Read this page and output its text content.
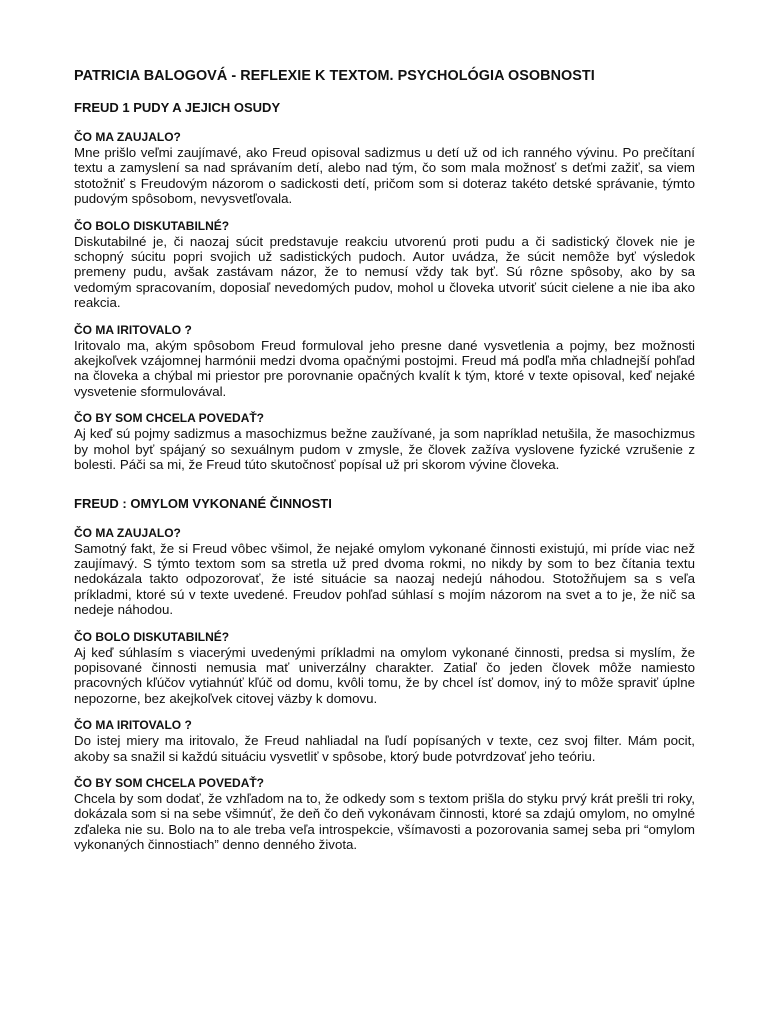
PATRICIA BALOGOVÁ - REFLEXIE K TEXTOM. PSYCHOLÓGIA OSOBNOSTI
FREUD 1 PUDY A JEJICH OSUDY

ČO MA ZAUJALO?

Mne prišlo veľmi zaujímavé, ako Freud opisoval sadizmus u detí už od ich ranného vývinu. Po prečítaní textu a zamyslení sa nad správaním detí, alebo nad tým, čo som mala možnosť s deťmi zažiť, sa viem stotožniť s Freudovým názorom o sadickosti detí, pričom som si doteraz takéto detské správanie, týmto pudovým spôsobom, nevysvetľovala.

ČO BOLO DISKUTABILNÉ?

Diskutabilné je, či naozaj súcit predstavuje reakciu utvorenú proti pudu a či sadistický človek nie je schopný súcitu popri svojich už sadistických pudoch. Autor uvádza, že súcit nemôže byť výsledok premeny pudu, avšak zastávam názor, že to nemusí vždy tak byť. Sú rôzne spôsoby, ako by sa vedomým spracovaním, doposiaľ nevedomých pudov, mohol u človeka utvoriť súcit cielene a nie iba ako reakcia.

ČO MA IRITOVALO ?

Iritovalo ma, akým spôsobom Freud formuloval jeho presne dané vysvetlenia a pojmy, bez možnosti akejkoľvek vzájomnej harmónii medzi dvoma opačnými postojmi. Freud má podľa mňa chladnejší pohľad na človeka a chýbal mi priestor pre porovnanie opačných kvalít k tým, ktoré v texte opisoval, keď nejaké vysvetenie sformulovával.

ČO BY SOM CHCELA POVEDAŤ?

Aj keď sú pojmy sadizmus a masochizmus bežne zaužívané, ja som napríklad netušila, že masochizmus by mohol byť spájaný so sexuálnym pudom v zmysle, že človek zažíva vyslovene fyzické vzrušenie z bolesti. Páči sa mi, že Freud túto skutočnosť popísal už pri skorom vývine človeka.

FREUD : OMYLOM VYKONANÉ ČINNOSTI

ČO MA ZAUJALO?

Samotný fakt, že si Freud vôbec všimol, že nejaké omylom vykonané činnosti existujú, mi príde viac než zaujímavý. S týmto textom som sa stretla už pred dvoma rokmi, no nikdy by som to bez čítania textu nedokázala takto odpozorovať, že isté situácie sa naozaj nedejú náhodou. Stotožňujem sa s veľa príkladmi, ktoré sú v texte uvedené. Freudov pohľad súhlasí s mojím názorom na svet a to je, že nič sa nedeje náhodou.

ČO BOLO DISKUTABILNÉ?

Aj keď súhlasím s viacerými uvedenými príkladmi na omylom vykonané činnosti, predsa si myslím, že popisované činnosti nemusia mať univerzálny charakter. Zatiaľ čo jeden človek môže namiesto pracovných kľúčov vytiahnúť kľúč od domu, kvôli tomu, že by chcel ísť domov, iný to môže spraviť úplne nepozorne, bez akejkoľvek citovej väzby k domovu.

ČO MA IRITOVALO ?

Do istej miery ma iritovalo, že Freud nahliadal na ľudí popísaných v texte, cez svoj filter. Mám pocit, akoby sa snažil si každú situáciu vysvetliť v spôsobe, ktorý bude potvrdzovať jeho teóriu.

ČO BY SOM CHCELA POVEDAŤ?

Chcela by som dodať, že vzhľadom na to, že odkedy som s textom prišla do styku prvý krát prešli tri roky, dokázala som si na sebe všimnúť, že deň čo deň vykonávam činnosti, ktoré sa zdajú omylom, no omylné zďaleka nie su. Bolo na to ale treba veľa introspekcie, všímavosti a pozorovania samej seba pri “omylom vykonaných činnostiach” denno denného života.
